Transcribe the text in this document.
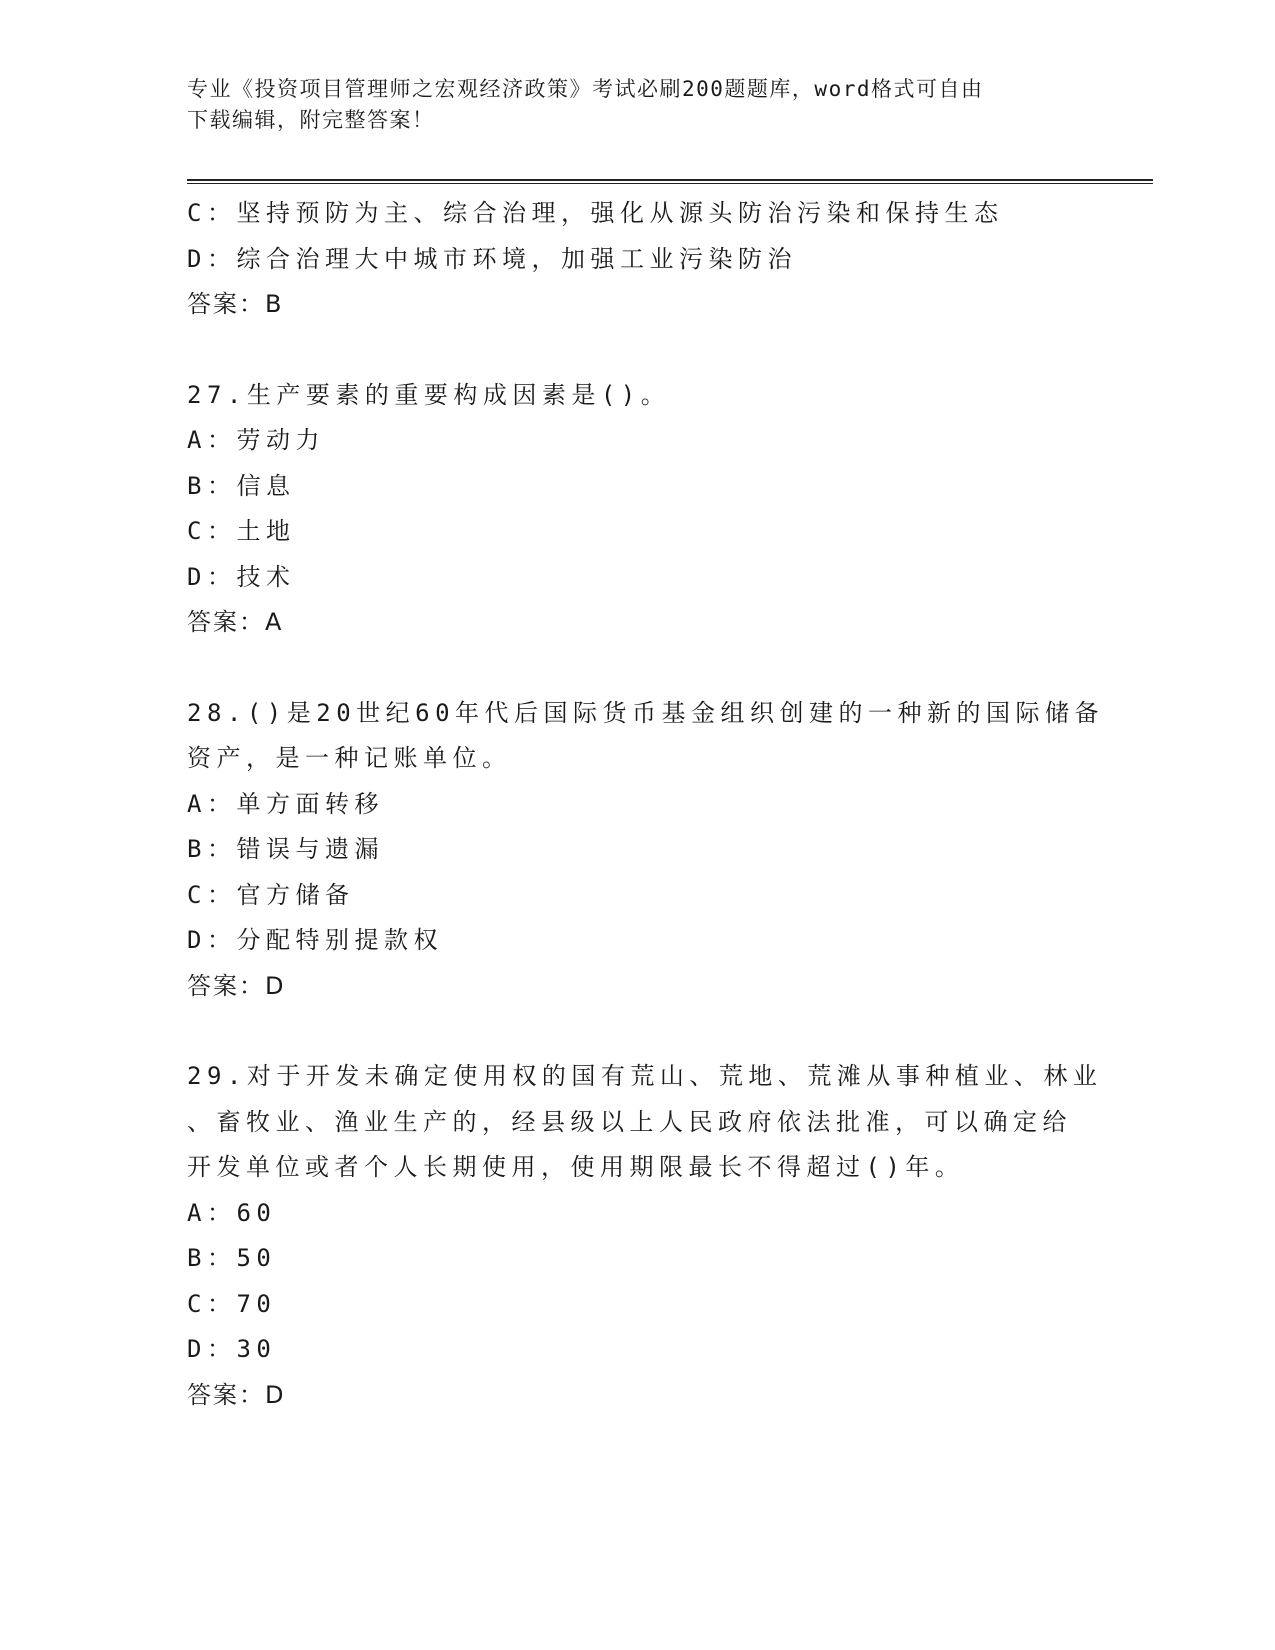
专业《投资项目管理师之宏观经济政策》考试必刷200题题库，word格式可自由
下载编辑，附完整答案！
C：坚持预防为主、综合治理，强化从源头防治污染和保持生态
D：综合治理大中城市环境，加强工业污染防治
答案：B
27.生产要素的重要构成因素是()。
A：劳动力
B：信息
C：土地
D：技术
答案：A
28.()是20世纪60年代后国际货币基金组织创建的一种新的国际储备
资产，是一种记账单位。
A：单方面转移
B：错误与遗漏
C：官方储备
D：分配特别提款权
答案：D
29.对于开发未确定使用权的国有荒山、荒地、荒滩从事种植业、林业
、畜牧业、渔业生产的，经县级以上人民政府依法批准，可以确定给
开发单位或者个人长期使用，使用期限最长不得超过()年。
A：60
B：50
C：70
D：30
答案：D
